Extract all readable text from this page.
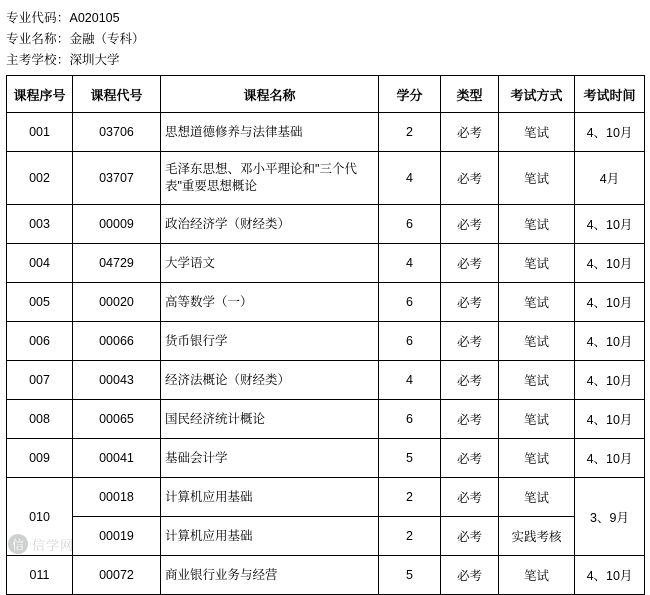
专业代码：A020105
专业名称：金融（专科）
主考学校：深圳大学
课程序号	课程代号	课程名称	学分	类型	考试方式	考试时间
001	03706	思想道德修养与法律基础	2	必考	笔试	4、10月
002	03707	毛泽东思想、邓小平理论和"三个代表"重要思想概论	4	必考	笔试	4月
003	00009	政治经济学（财经类）	6	必考	笔试	4、10月
004	04729	大学语文	4	必考	笔试	4、10月
005	00020	高等数学（一）	6	必考	笔试	4、10月
006	00066	货币银行学	6	必考	笔试	4、10月
007	00043	经济法概论（财经类）	4	必考	笔试	4、10月
008	00065	国民经济统计概论	6	必考	笔试	4、10月
009	00041	基础会计学	5	必考	笔试	4、10月
010	00018	计算机应用基础	2	必考	笔试	3、9月
	00019	计算机应用基础	2	必考	实践考核	
011	00072	商业银行业务与经营	5	必考	笔试	4、10月
信 信学网
